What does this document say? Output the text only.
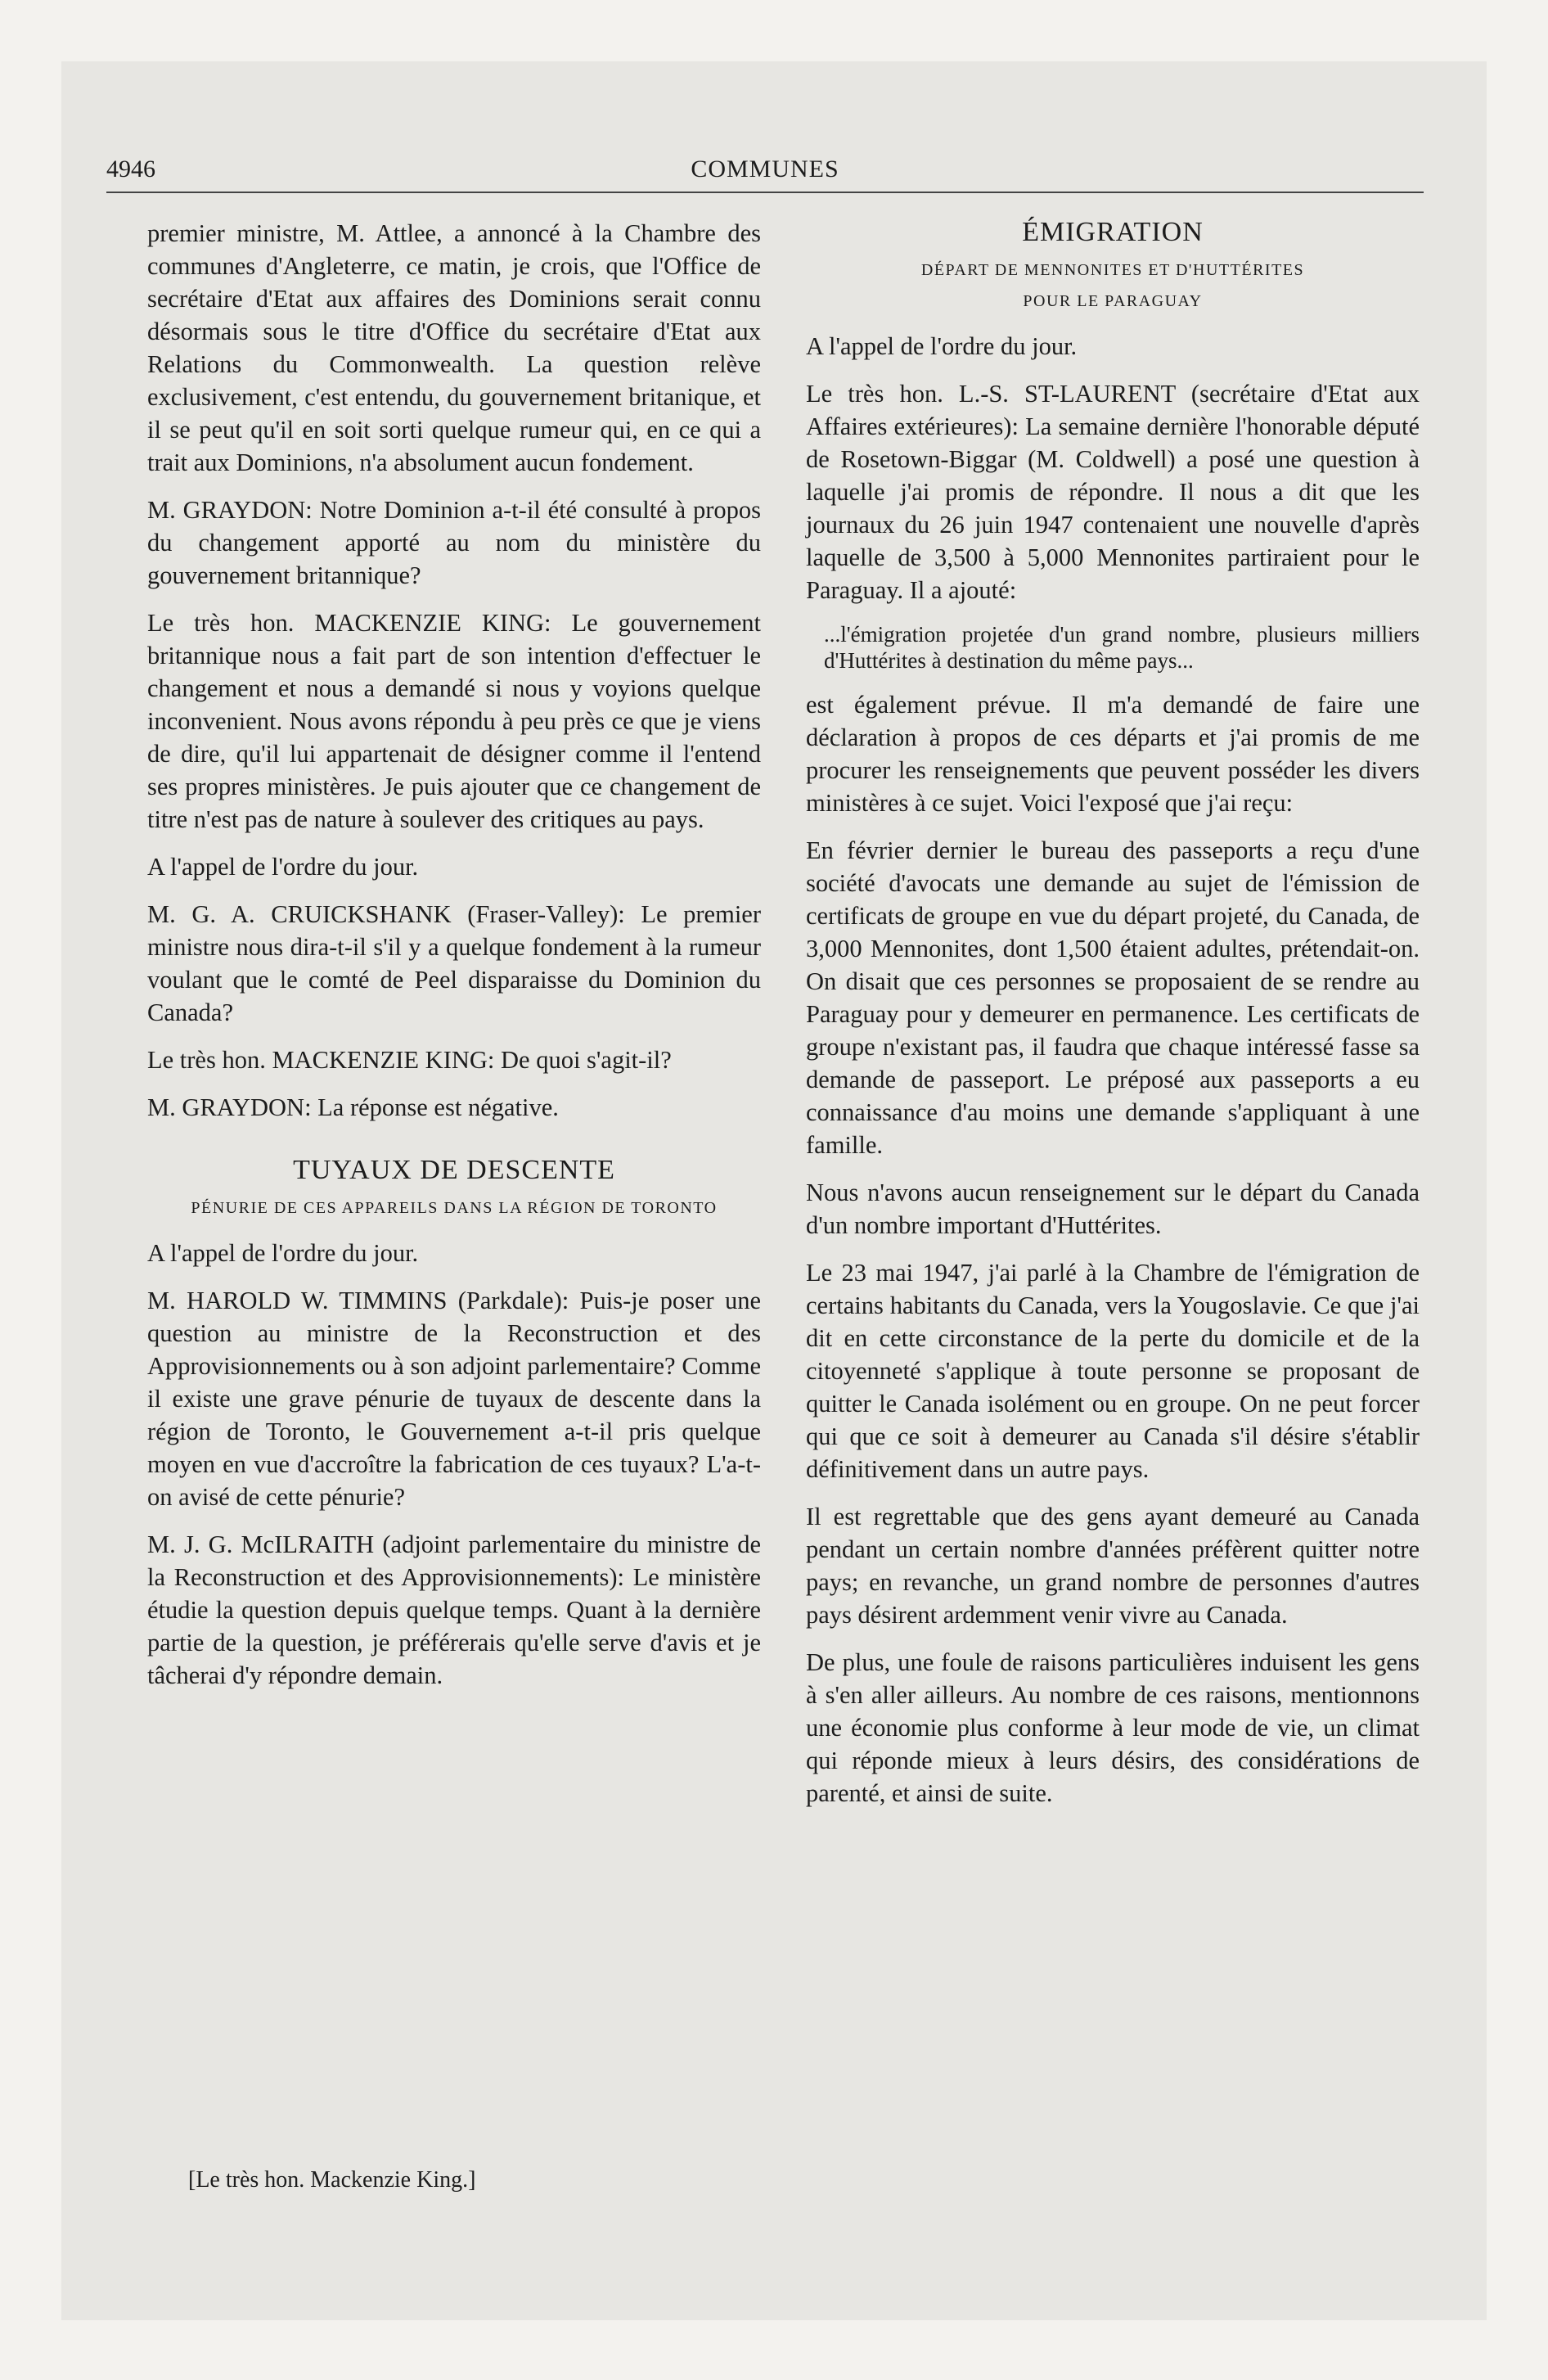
4946	COMMUNES

premier ministre, M. Attlee, a annoncé à la Chambre des communes d'Angleterre, ce matin, je crois, que l'Office de secrétaire d'Etat aux affaires des Dominions serait connu désormais sous le titre d'Office du secrétaire d'Etat aux Relations du Commonwealth. La question relève exclusivement, c'est entendu, du gouvernement britanique, et il se peut qu'il en soit sorti quelque rumeur qui, en ce qui a trait aux Dominions, n'a absolument aucun fondement.

M. GRAYDON: Notre Dominion a-t-il été consulté à propos du changement apporté au nom du ministère du gouvernement britannique?

Le très hon. MACKENZIE KING: Le gouvernement britannique nous a fait part de son intention d'effectuer le changement et nous a demandé si nous y voyions quelque inconvenient. Nous avons répondu à peu près ce que je viens de dire, qu'il lui appartenait de désigner comme il l'entend ses propres ministères. Je puis ajouter que ce changement de titre n'est pas de nature à soulever des critiques au pays.

A l'appel de l'ordre du jour.

M. G. A. CRUICKSHANK (Fraser-Valley): Le premier ministre nous dira-t-il s'il y a quelque fondement à la rumeur voulant que le comté de Peel disparaisse du Dominion du Canada?

Le très hon. MACKENZIE KING: De quoi s'agit-il?

M. GRAYDON: La réponse est négative.

TUYAUX DE DESCENTE
PÉNURIE DE CES APPAREILS DANS LA RÉGION DE TORONTO

A l'appel de l'ordre du jour.

M. HAROLD W. TIMMINS (Parkdale): Puis-je poser une question au ministre de la Reconstruction et des Approvisionnements ou à son adjoint parlementaire? Comme il existe une grave pénurie de tuyaux de descente dans la région de Toronto, le Gouvernement a-t-il pris quelque moyen en vue d'accroître la fabrication de ces tuyaux? L'a-t-on avisé de cette pénurie?

M. J. G. McILRAITH (adjoint parlementaire du ministre de la Reconstruction et des Approvisionnements): Le ministère étudie la question depuis quelque temps. Quant à la dernière partie de la question, je préférerais qu'elle serve d'avis et je tâcherai d'y répondre demain.

ÉMIGRATION
DÉPART DE MENNONITES ET D'HUTTÉRITES
POUR LE PARAGUAY

A l'appel de l'ordre du jour.

Le très hon. L.-S. ST-LAURENT (secrétaire d'Etat aux Affaires extérieures): La semaine dernière l'honorable député de Rosetown-Biggar (M. Coldwell) a posé une question à laquelle j'ai promis de répondre. Il nous a dit que les journaux du 26 juin 1947 contenaient une nouvelle d'après laquelle de 3,500 à 5,000 Mennonites partiraient pour le Paraguay. Il a ajouté:

...l'émigration projetée d'un grand nombre, plusieurs milliers d'Huttérites à destination du même pays...

est également prévue. Il m'a demandé de faire une déclaration à propos de ces départs et j'ai promis de me procurer les renseignements que peuvent posséder les divers ministères à ce sujet. Voici l'exposé que j'ai reçu:

En février dernier le bureau des passeports a reçu d'une société d'avocats une demande au sujet de l'émission de certificats de groupe en vue du départ projeté, du Canada, de 3,000 Mennonites, dont 1,500 étaient adultes, prétendait-on. On disait que ces personnes se proposaient de se rendre au Paraguay pour y demeurer en permanence. Les certificats de groupe n'existant pas, il faudra que chaque intéressé fasse sa demande de passeport. Le préposé aux passeports a eu connaissance d'au moins une demande s'appliquant à une famille.

Nous n'avons aucun renseignement sur le départ du Canada d'un nombre important d'Huttérites.

Le 23 mai 1947, j'ai parlé à la Chambre de l'émigration de certains habitants du Canada, vers la Yougoslavie. Ce que j'ai dit en cette circonstance de la perte du domicile et de la citoyenneté s'applique à toute personne se proposant de quitter le Canada isolément ou en groupe. On ne peut forcer qui que ce soit à demeurer au Canada s'il désire s'établir définitivement dans un autre pays.

Il est regrettable que des gens ayant demeuré au Canada pendant un certain nombre d'années préfèrent quitter notre pays; en revanche, un grand nombre de personnes d'autres pays désirent ardemment venir vivre au Canada.

De plus, une foule de raisons particulières induisent les gens à s'en aller ailleurs. Au nombre de ces raisons, mentionnons une économie plus conforme à leur mode de vie, un climat qui réponde mieux à leurs désirs, des considérations de parenté, et ainsi de suite.

[Le très hon. Mackenzie King.]
